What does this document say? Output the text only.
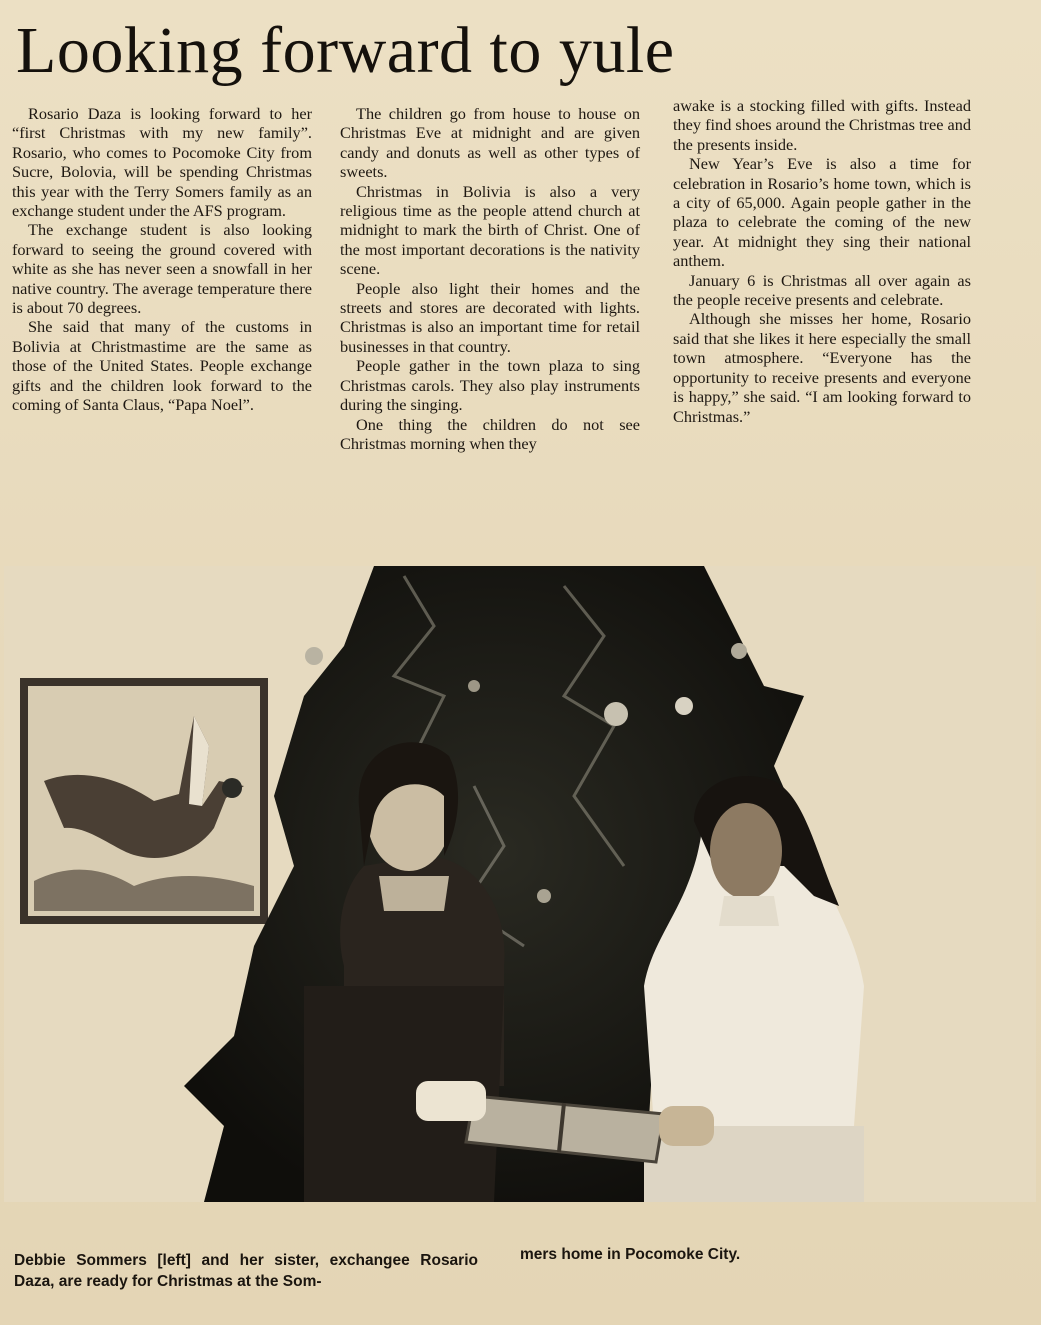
Looking forward to yule

Rosario Daza is looking forward to her “first Christmas with my new family”. Rosario, who comes to Pocomoke City from Sucre, Bolovia, will be spending Christmas this year with the Terry Somers family as an exchange student under the AFS program.

The exchange student is also looking forward to seeing the ground covered with white as she has never seen a snowfall in her native country. The average temperature there is about 70 degrees.

She said that many of the customs in Bolivia at Christmastime are the same as those of the United States. People exchange gifts and the children look forward to the coming of Santa Claus, “Papa Noel”.

The children go from house to house on Christmas Eve at midnight and are given candy and donuts as well as other types of sweets.

Christmas in Bolivia is also a very religious time as the people attend church at midnight to mark the birth of Christ. One of the most important decorations is the nativity scene.

People also light their homes and the streets and stores are decorated with lights. Christmas is also an important time for retail businesses in that country.

People gather in the town plaza to sing Christmas carols. They also play instruments during the singing.

One thing the children do not see Christmas morning when they

awake is a stocking filled with gifts. Instead they find shoes around the Christmas tree and the presents inside.

New Year’s Eve is also a time for celebration in Rosario’s home town, which is a city of 65,000. Again people gather in the plaza to celebrate the coming of the new year. At midnight they sing their national anthem.

January 6 is Christmas all over again as the people receive presents and celebrate.

Although she misses her home, Rosario said that she likes it here especially the small town atmosphere. “Everyone has the opportunity to receive presents and everyone is happy,” she said. “I am looking forward to Christmas.”

Debbie Sommers [left] and her sister, exchangee Rosario Daza, are ready for Christmas at the Som-

mers home in Pocomoke City.
